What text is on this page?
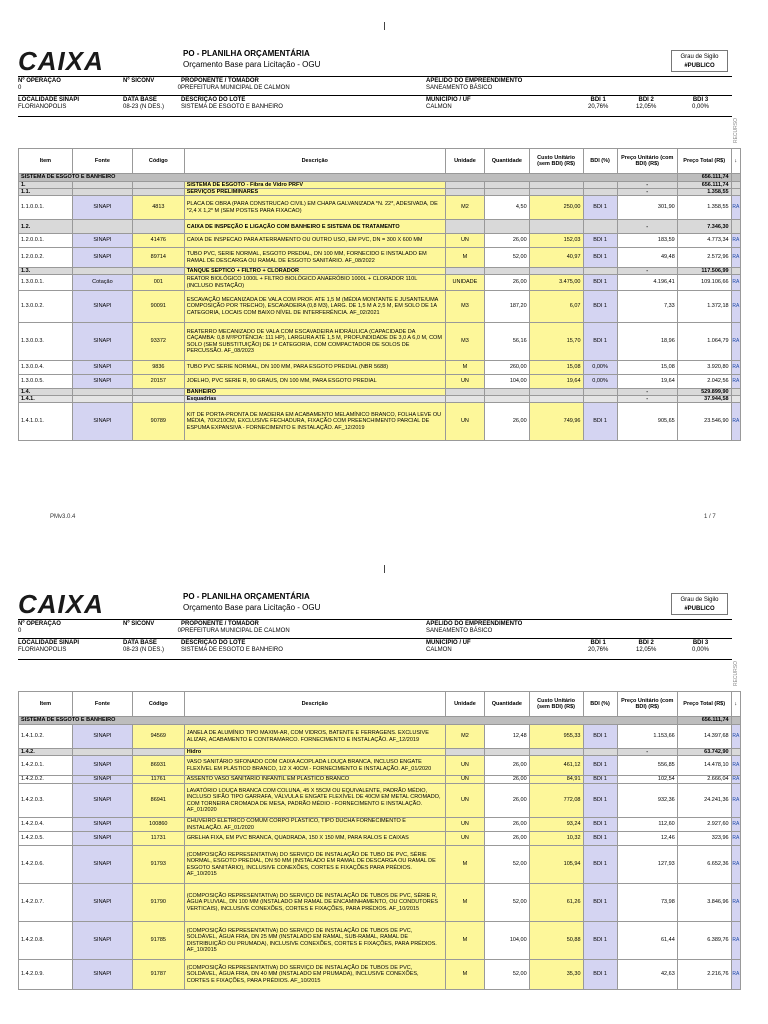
CAIXA	PO - PLANILHA ORÇAMENTÁRIA
Orçamento Base para Licitação - OGU
Grau de Sigilo
#PUBLICO
Nº OPERAÇÃO
0
Nº SICONV
0
PROPONENTE / TOMADOR
PREFEITURA MUNICIPAL DE CALMON
APELIDO DO EMPREENDIMENTO
SANEAMENTO BÁSICO
LOCALIDADE SINAPI
FLORIANOPOLIS
DATA BASE
08-23 (N DES.)
DESCRIÇÃO DO LOTE
SISTEMA DE ESGOTO E BANHEIRO
MUNICÍPIO / UF
CALMON
BDI 1
20,76%
BDI 2
12,05%
BDI 3
0,00%
RECURSO
Item	Fonte	Código	Descrição	Unidade	Quantidade	Custo Unitário (sem BDI) (R$)	BDI (%)	Preço Unitário (com BDI) (R$)	Preço Total (R$)	↓
SISTEMA DE ESGOTO E BANHEIRO									656.111,74	
1.			SISTEMA DE ESGOTO - Fibra de Vidro PRFV					-	656.111,74	
1.1.			SERVIÇOS PRELIMINARES					-	1.358,55	
1.1.0.0.1.	SINAPI	4813	PLACA DE OBRA (PARA CONSTRUCAO CIVIL) EM CHAPA GALVANIZADA *N. 22*, ADESIVADA, DE *2,4 X 1,2* M (SEM POSTES PARA FIXACAO)	M2	4,50	250,00	BDI 1	301,90	1.358,55	RA
1.2.			CAIXA DE INSPEÇÃO E LIGAÇÃO COM BANHEIRO E SISTEMA DE TRATAMENTO					-	7.346,30	
1.2.0.0.1.	SINAPI	41476	CAIXA DE INSPECAO PARA ATERRAMENTO OU OUTRO USO, EM PVC, DN = 300 X 600 MM	UN	26,00	152,03	BDI 1	183,59	4.773,34	RA
1.2.0.0.2.	SINAPI	89714	TUBO PVC, SERIE NORMAL, ESGOTO PREDIAL, DN 100 MM, FORNECIDO E INSTALADO EM RAMAL DE DESCARGA OU RAMAL DE ESGOTO SANITÁRIO. AF_08/2022	M	52,00	40,97	BDI 1	49,48	2.572,96	RA
1.3.			TANQUE SÉPTICO + FILTRO + CLORADOR					-	117.506,99	
1.3.0.0.1.	Cotação	001	REATOR BIOLÓGICO 1000L + FILTRO BIOLÓGICO ANAERÓBIO 1000L + CLORADOR 110L (INCLUSO INSTAÇÃO)	UNIDADE	26,00	3.475,00	BDI 1	4.196,41	109.106,66	RA
1.3.0.0.2.	SINAPI	90091	ESCAVAÇÃO MECANIZADA DE VALA COM PROF. ATE 1,5 M (MÉDIA MONTANTE E JUSANTE/UMA COMPOSIÇÃO POR TRECHO), ESCAVADEIRA (0,8 M3), LARG. DE 1,5 M A 2,5 M, EM SOLO DE 1A CATEGORIA, LOCAIS COM BAIXO NÍVEL DE INTERFERÊNCIA. AF_02/2021	M3	187,20	6,07	BDI 1	7,33	1.372,18	RA
1.3.0.0.3.	SINAPI	93372	REATERRO MECANIZADO DE VALA COM ESCAVADEIRA HIDRÁULICA (CAPACIDADE DA CAÇAMBA: 0,8 M³/POTÊNCIA: 111 HP), LARGURA ATÉ 1,5 M, PROFUNDIDADE DE 3,0 A 6,0 M, COM SOLO (SEM SUBSTITUIÇÃO) DE 1ª CATEGORIA, COM COMPACTADOR DE SOLOS DE PERCUSSÃO. AF_08/2023	M3	56,16	15,70	BDI 1	18,96	1.064,79	RA
1.3.0.0.4.	SINAPI	9836	TUBO PVC SERIE NORMAL, DN 100 MM, PARA ESGOTO PREDIAL (NBR 5688)	M	260,00	15,08	0,00%	15,08	3.920,80	RA
1.3.0.0.5.	SINAPI	20157	JOELHO, PVC SERIE R, 90 GRAUS, DN 100 MM, PARA ESGOTO PREDIAL	UN	104,00	19,64	0,00%	19,64	2.042,56	RA
1.4.			BANHEIRO					-	529.899,90	
1.4.1.			Esquadrias					-	37.944,58	
1.4.1.0.1.	SINAPI	90789	KIT DE PORTA-PRONTA DE MADEIRA EM ACABAMENTO MELAMÍNICO BRANCO, FOLHA LEVE OU MÉDIA, 70X210CM, EXCLUSIVE FECHADURA, FIXAÇÃO COM PREENCHIMENTO PARCIAL DE ESPUMA EXPANSIVA - FORNECIMENTO E INSTALAÇÃO. AF_12/2019	UN	26,00	749,96	BDI 1	905,65	23.546,90	RA
PMv3.0.4	1 / 7
CAIXA	PO - PLANILHA ORÇAMENTÁRIA
Orçamento Base para Licitação - OGU
Grau de Sigilo
#PUBLICO
Nº OPERAÇÃO
0
Nº SICONV
0
PROPONENTE / TOMADOR
PREFEITURA MUNICIPAL DE CALMON
APELIDO DO EMPREENDIMENTO
SANEAMENTO BÁSICO
LOCALIDADE SINAPI
FLORIANOPOLIS
DATA BASE
08-23 (N DES.)
DESCRIÇÃO DO LOTE
SISTEMA DE ESGOTO E BANHEIRO
MUNICÍPIO / UF
CALMON
BDI 1
20,76%
BDI 2
12,05%
BDI 3
0,00%
RECURSO
Item	Fonte	Código	Descrição	Unidade	Quantidade	Custo Unitário (sem BDI) (R$)	BDI (%)	Preço Unitário (com BDI) (R$)	Preço Total (R$)	↓
SISTEMA DE ESGOTO E BANHEIRO									656.111,74	
1.4.1.0.2.	SINAPI	94569	JANELA DE ALUMÍNIO TIPO MAXIM-AR, COM VIDROS, BATENTE E FERRAGENS. EXCLUSIVE ALIZAR, ACABAMENTO E CONTRAMARCO. FORNECIMENTO E INSTALAÇÃO. AF_12/2019	M2	12,48	955,33	BDI 1	1.153,66	14.397,68	RA
1.4.2.			Hidro					-	63.742,90	
1.4.2.0.1.	SINAPI	86931	VASO SANITÁRIO SIFONADO COM CAIXA ACOPLADA LOUÇA BRANCA, INCLUSO ENGATE FLEXÍVEL EM PLÁSTICO BRANCO, 1/2 X 40CM - FORNECIMENTO E INSTALAÇÃO. AF_01/2020	UN	26,00	461,12	BDI 1	556,85	14.478,10	RA
1.4.2.0.2.	SINAPI	11761	ASSENTO VASO SANITARIO INFANTIL EM PLASTICO BRANCO	UN	26,00	84,91	BDI 1	102,54	2.666,04	RA
1.4.2.0.3.	SINAPI	86941	LAVATÓRIO LOUÇA BRANCA COM COLUNA, 45 X 55CM OU EQUIVALENTE, PADRÃO MÉDIO, INCLUSO SIFÃO TIPO GARRAFA, VÁLVULA E ENGATE FLEXÍVEL DE 40CM EM METAL CROMADO, COM TORNEIRA CROMADA DE MESA, PADRÃO MÉDIO - FORNECIMENTO E INSTALAÇÃO. AF_01/2020	UN	26,00	772,08	BDI 1	932,36	24.241,36	RA
1.4.2.0.4.	SINAPI	100860	CHUVEIRO ELETRICO COMUM CORPO PLASTICO, TIPO DUCHA FORNECIMENTO E INSTALAÇÃO. AF_01/2020	UN	26,00	93,24	BDI 1	112,60	2.927,60	RA
1.4.2.0.5.	SINAPI	11731	GRELHA FIXA, EM PVC BRANCA, QUADRADA, 150 X 150 MM, PARA RALOS E CAIXAS	UN	26,00	10,32	BDI 1	12,46	323,96	RA
1.4.2.0.6.	SINAPI	91793	(COMPOSIÇÃO REPRESENTATIVA) DO SERVIÇO DE INSTALAÇÃO DE TUBO DE PVC, SÉRIE NORMAL, ESGOTO PREDIAL, DN 50 MM (INSTALADO EM RAMAL DE DESCARGA OU RAMAL DE ESGOTO SANITÁRIO), INCLUSIVE CONEXÕES, CORTES E FIXAÇÕES PARA PRÉDIOS. AF_10/2015	M	52,00	105,94	BDI 1	127,93	6.652,36	RA
1.4.2.0.7.	SINAPI	91790	(COMPOSIÇÃO REPRESENTATIVA) DO SERVIÇO DE INSTALAÇÃO DE TUBOS DE PVC, SÉRIE R, ÁGUA PLUVIAL, DN 100 MM (INSTALADO EM RAMAL DE ENCAMINHAMENTO, OU CONDUTORES VERTICAIS), INCLUSIVE CONEXÕES, CORTES E FIXAÇÕES, PARA PRÉDIOS. AF_10/2015	M	52,00	61,26	BDI 1	73,98	3.846,96	RA
1.4.2.0.8.	SINAPI	91785	(COMPOSIÇÃO REPRESENTATIVA) DO SERVIÇO DE INSTALAÇÃO DE TUBOS DE PVC, SOLDÁVEL, ÁGUA FRIA, DN 25 MM (INSTALADO EM RAMAL, SUB-RAMAL, RAMAL DE DISTRIBUIÇÃO OU PRUMADA), INCLUSIVE CONEXÕES, CORTES E FIXAÇÕES, PARA PRÉDIOS. AF_10/2015	M	104,00	50,88	BDI 1	61,44	6.389,76	RA
1.4.2.0.9.	SINAPI	91787	(COMPOSIÇÃO REPRESENTATIVA) DO SERVIÇO DE INSTALAÇÃO DE TUBOS DE PVC, SOLDÁVEL, ÁGUA FRIA, DN 40 MM (INSTALADO EM PRUMADA), INCLUSIVE CONEXÕES, CORTES E FIXAÇÕES, PARA PRÉDIOS. AF_10/2015	M	52,00	35,30	BDI 1	42,63	2.216,76	RA
